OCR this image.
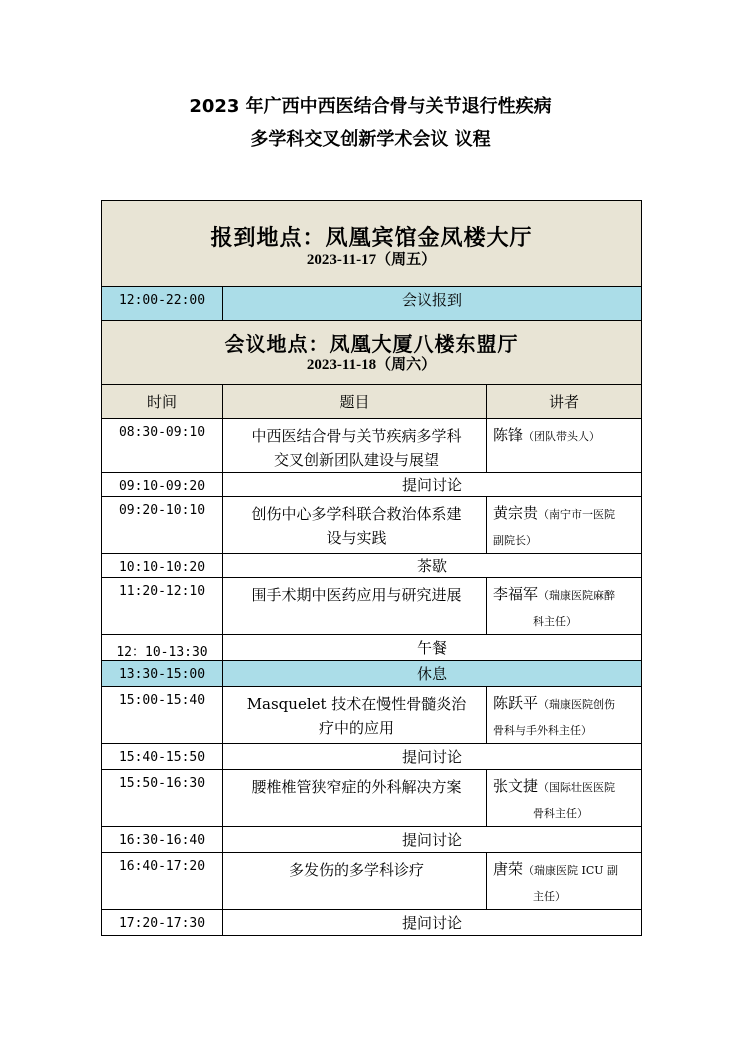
2023 年广西中西医结合骨与关节退行性疾病
多学科交叉创新学术会议 议程
报到地点：凤凰宾馆金凤楼大厅
2023-11-17（周五）		

12:00-22:00	会议报到	

会议地点：凤凰大厦八楼东盟厅
2023-11-18（周六）		

时间	题目	讲者
08:30-09:10	中西医结合骨与关节疾病多学科
交叉创新团队建设与展望	陈锋（团队带头人）
09:10-09:20	提问讨论	
09:20-10:10	创伤中心多学科联合救治体系建
设与实践	黄宗贵（南宁市一医院
副院长）
10:10-10:20	茶歇	
11:20-12:10	围手术期中医药应用与研究进展	李福军（瑞康医院麻醉
科主任）
12：10-13:30	午餐	
13:30-15:00	休息	
15:00-15:40	Masquelet 技术在慢性骨髓炎治
疗中的应用	陈跃平（瑞康医院创伤
骨科与手外科主任）
15:40-15:50	提问讨论	
15:50-16:30	腰椎椎管狭窄症的外科解决方案	张文捷（国际壮医医院
骨科主任）
16:30-16:40	提问讨论	
16:40-17:20	多发伤的多学科诊疗	唐荣（瑞康医院 ICU 副
主任）
17:20-17:30	提问讨论	
